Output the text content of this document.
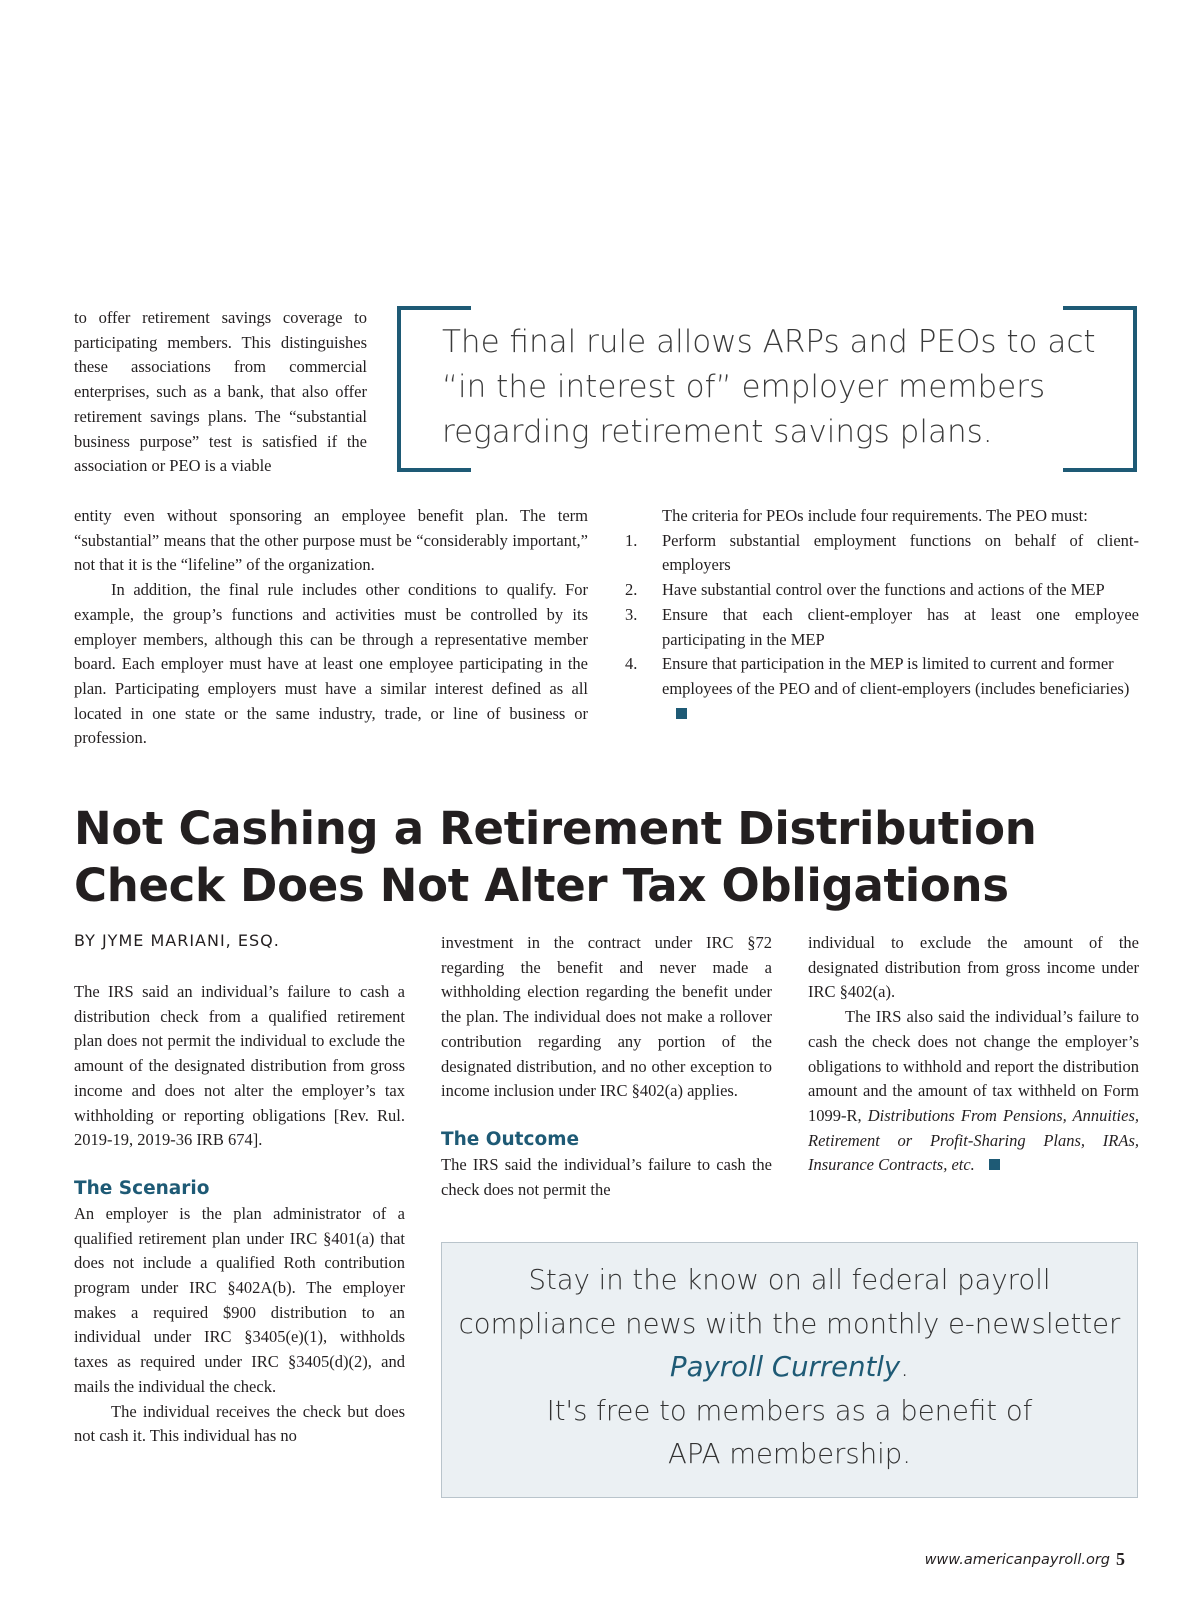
to offer retirement savings coverage to participating members. This distinguishes these associations from commercial enterprises, such as a bank, that also offer retirement savings plans. The “substantial business purpose” test is satisfied if the association or PEO is a viable

The final rule allows ARPs and PEOs to act “in the interest of” employer members regarding retirement savings plans.

entity even without sponsoring an employee benefit plan. The term “substantial” means that the other purpose must be “considerably important,” not that it is the “lifeline” of the organization.

In addition, the final rule includes other conditions to qualify. For example, the group’s functions and activities must be controlled by its employer members, although this can be through a representative member board. Each employer must have at least one employee participating in the plan. Participating employers must have a similar interest defined as all located in one state or the same industry, trade, or line of business or profession.

The criteria for PEOs include four requirements. The PEO must:

1. Perform substantial employment functions on behalf of client-employers
2. Have substantial control over the functions and actions of the MEP
3. Ensure that each client-employer has at least one employee participating in the MEP
4. Ensure that participation in the MEP is limited to current and former employees of the PEO and of client-employers (includes beneficiaries)
Not Cashing a Retirement Distribution
Check Does Not Alter Tax Obligations
BY JYME MARIANI, ESQ.

The IRS said an individual’s failure to cash a distribution check from a qualified retirement plan does not permit the individual to exclude the amount of the designated distribution from gross income and does not alter the employer’s tax withholding or reporting obligations [Rev. Rul. 2019-19, 2019-36 IRB 674].

The Scenario

An employer is the plan administrator of a qualified retirement plan under IRC §401(a) that does not include a qualified Roth contribution program under IRC §402A(b). The employer makes a required $900 distribution to an individual under IRC §3405(e)(1), withholds taxes as required under IRC §3405(d)(2), and mails the individual the check.

The individual receives the check but does not cash it. This individual has no

investment in the contract under IRC §72 regarding the benefit and never made a withholding election regarding the benefit under the plan. The individual does not make a rollover contribution regarding any portion of the designated distribution, and no other exception to income inclusion under IRC §402(a) applies.

The Outcome

The IRS said the individual’s failure to cash the check does not permit the

individual to exclude the amount of the designated distribution from gross income under IRC §402(a).

The IRS also said the individual’s failure to cash the check does not change the employer’s obligations to withhold and report the distribution amount and the amount of tax withheld on Form 1099-R, Distributions From Pensions, Annuities, Retirement or Profit-Sharing Plans, IRAs, Insurance Contracts, etc.

Stay in the know on all federal payroll
compliance news with the monthly e-newsletter
Payroll Currently.
It's free to members as a benefit of
APA membership.
www.americanpayroll.org 5
